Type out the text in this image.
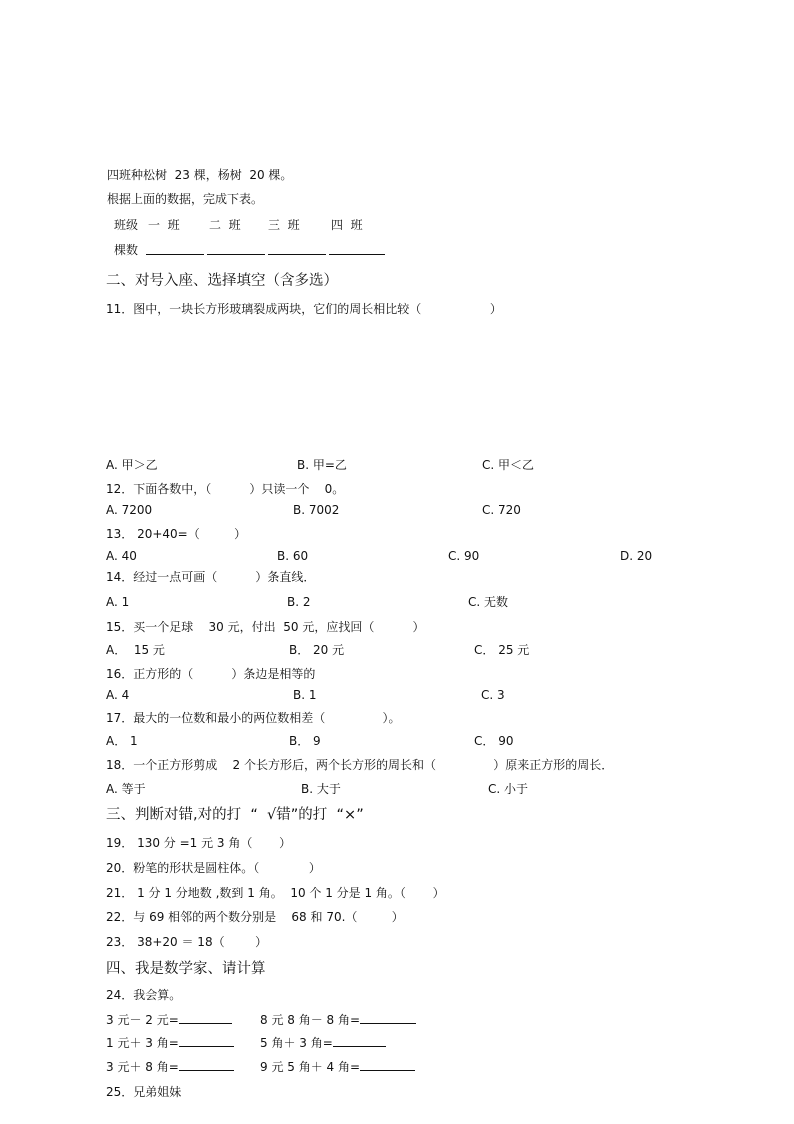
四班种松树  23 棵，杨树  20 棵。
根据上面的数据，完成下表。
班级 一  班 二  班 三  班	四  班
棵数
二、对号入座、选择填空（含多选）
11．图中，一块长方形玻璃裂成两块，它们的周长相比较（                  ）
A. 甲＞乙	B. 甲=乙	C. 甲＜乙
12．下面各数中，（          ）只读一个    0。
A. 7200	B. 7002	C. 720
13． 20+40=（         ）
A. 40	B. 60	C. 90	D. 20
14．经过一点可画（          ）条直线．
A. 1	B. 2	C. 无数
15．买一个足球    30 元，付出  50 元，应找回（          ）
A．  15 元	B． 20 元	C． 25 元
16．正方形的（          ）条边是相等的
A. 4	B. 1	C. 3
17．最大的一位数和最小的两位数相差（               ）。
A． 1	B． 9	C． 90
18．一个正方形剪成    2 个长方形后，两个长方形的周长和（               ）原来正方形的周长．
A. 等于	B. 大于	C. 小于
三、判断对错,对的打  “  √错”的打  “×”
19． 130 分 =1 元 3 角（       ）
20．粉笔的形状是圆柱体。（             ）
21． 1 分 1 分地数 ,数到 1 角。  10 个 1 分是 1 角。（       ）
22．与 69 相邻的两个数分别是    68 和 70.（         ）
23． 38+20 ＝ 18（        ）
四、我是数学家、请计算
24．我会算。
3 元－ 2 元=	8 元 8 角－ 8 角=
1 元＋ 3 角=	5 角＋ 3 角=
3 元＋ 8 角=	9 元 5 角＋ 4 角=
25．兄弟姐妹
